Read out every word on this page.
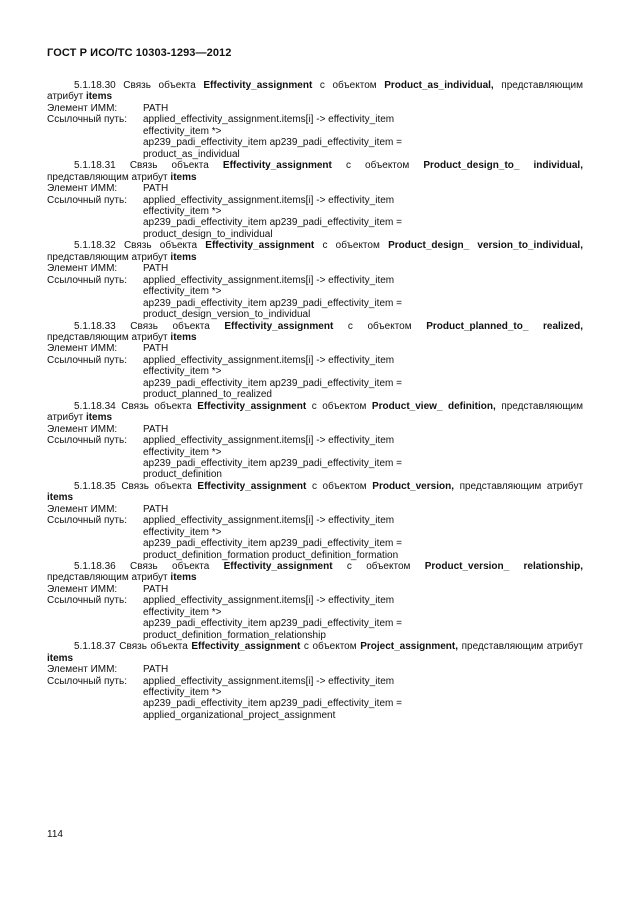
ГОСТ Р ИСО/ТС 10303-1293—2012

5.1.18.30 Связь объекта Effectivity_assignment с объектом Product_as_individual, представляющим атрибут items

Элемент ИММ:	PATH
Ссылочный путь:	applied_effectivity_assignment.items[i] -> effectivity_item
effectivity_item *>
ap239_padi_effectivity_item ap239_padi_effectivity_item =
product_as_individual

5.1.18.31 Связь объекта Effectivity_assignment с объектом Product_design_to_ individual, представляющим атрибут items

Элемент ИММ:	PATH
Ссылочный путь:	applied_effectivity_assignment.items[i] -> effectivity_item
effectivity_item *>
ap239_padi_effectivity_item ap239_padi_effectivity_item =
product_design_to_individual

5.1.18.32 Связь объекта Effectivity_assignment с объектом Product_design_ version_to_individual, представляющим атрибут items

Элемент ИММ:	PATH
Сcылочный путь:	applied_effectivity_assignment.items[i] -> effectivity_item
effectivity_item *>
ap239_padi_effectivity_item ap239_padi_effectivity_item =
product_design_version_to_individual

5.1.18.33 Связь объекта Effectivity_assignment с объектом Product_planned_to_ realized, представляющим атрибут items

Элемент ИММ:	PATH
Ссылочный путь:	applied_effectivity_assignment.items[i] -> effectivity_item
effectivity_item *>
ap239_padi_effectivity_item ap239_padi_effectivity_item =
product_planned_to_realized

5.1.18.34 Связь объекта Effectivity_assignment с объектом Product_view_ definition, представляющим атрибут items

Элемент ИММ:	PATH
Сcылочный путь:	applied_effectivity_assignment.items[i] -> effectivity_item
effectivity_item *>
ap239_padi_effectivity_item ap239_padi_effectivity_item =
product_definition

5.1.18.35 Связь объекта Effectivity_assignment с объектом Product_version, представляющим атрибут items

Элемент ИММ:	PATH
Сcылочный путь:	applied_effectivity_assignment.items[i] -> effectivity_item
effectivity_item *>
ap239_padi_effectivity_item ap239_padi_effectivity_item =
product_definition_formation product_definition_formation

5.1.18.36 Связь объекта Effectivity_assignment с объектом Product_version_ relationship, представляющим атрибут items

Элемент ИММ:	PATH
Ссылочный путь:	applied_effectivity_assignment.items[i] -> effectivity_item
effectivity_item *>
ap239_padi_effectivity_item ap239_padi_effectivity_item =
product_definition_formation_relationship

5.1.18.37 Связь объекта Effectivity_assignment с объектом Project_assignment, представляющим атрибут items

Элемент ИММ:	PATH
Ссылочный путь:	applied_effectivity_assignment.items[i] -> effectivity_item
effectivity_item *>
ap239_padi_effectivity_item ap239_padi_effectivity_item =
applied_organizational_project_assignment
114
